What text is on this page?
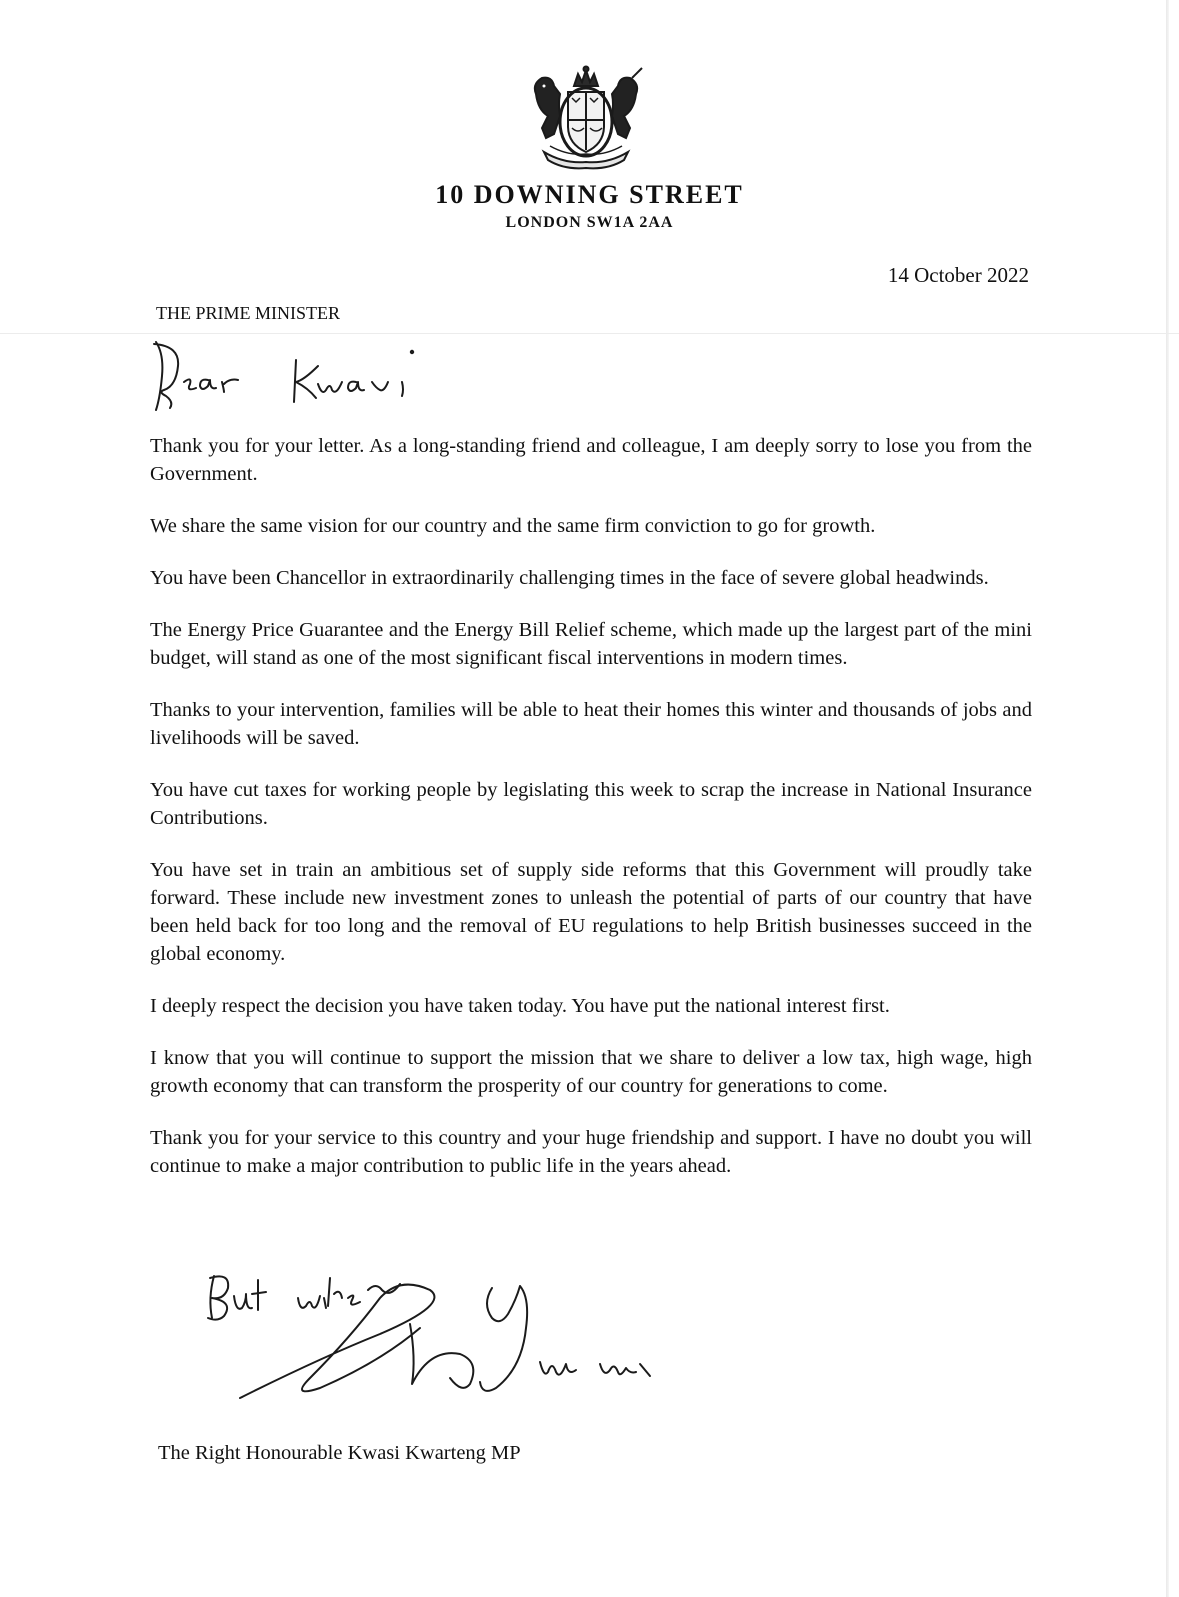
10 DOWNING STREET
LONDON SW1A 2AA
14 October 2022
THE PRIME MINISTER

Thank you for your letter. As a long-standing friend and colleague, I am deeply sorry to lose you from the Government.

We share the same vision for our country and the same firm conviction to go for growth.

You have been Chancellor in extraordinarily challenging times in the face of severe global headwinds.

The Energy Price Guarantee and the Energy Bill Relief scheme, which made up the largest part of the mini budget, will stand as one of the most significant fiscal interventions in modern times.

Thanks to your intervention, families will be able to heat their homes this winter and thousands of jobs and livelihoods will be saved.

You have cut taxes for working people by legislating this week to scrap the increase in National Insurance Contributions.

You have set in train an ambitious set of supply side reforms that this Government will proudly take forward. These include new investment zones to unleash the potential of parts of our country that have been held back for too long and the removal of EU regulations to help British businesses succeed in the global economy.

I deeply respect the decision you have taken today. You have put the national interest first.

I know that you will continue to support the mission that we share to deliver a low tax, high wage, high growth economy that can transform the prosperity of our country for generations to come.

Thank you for your service to this country and your huge friendship and support. I have no doubt you will continue to make a major contribution to public life in the years ahead.

The Right Honourable Kwasi Kwarteng MP
